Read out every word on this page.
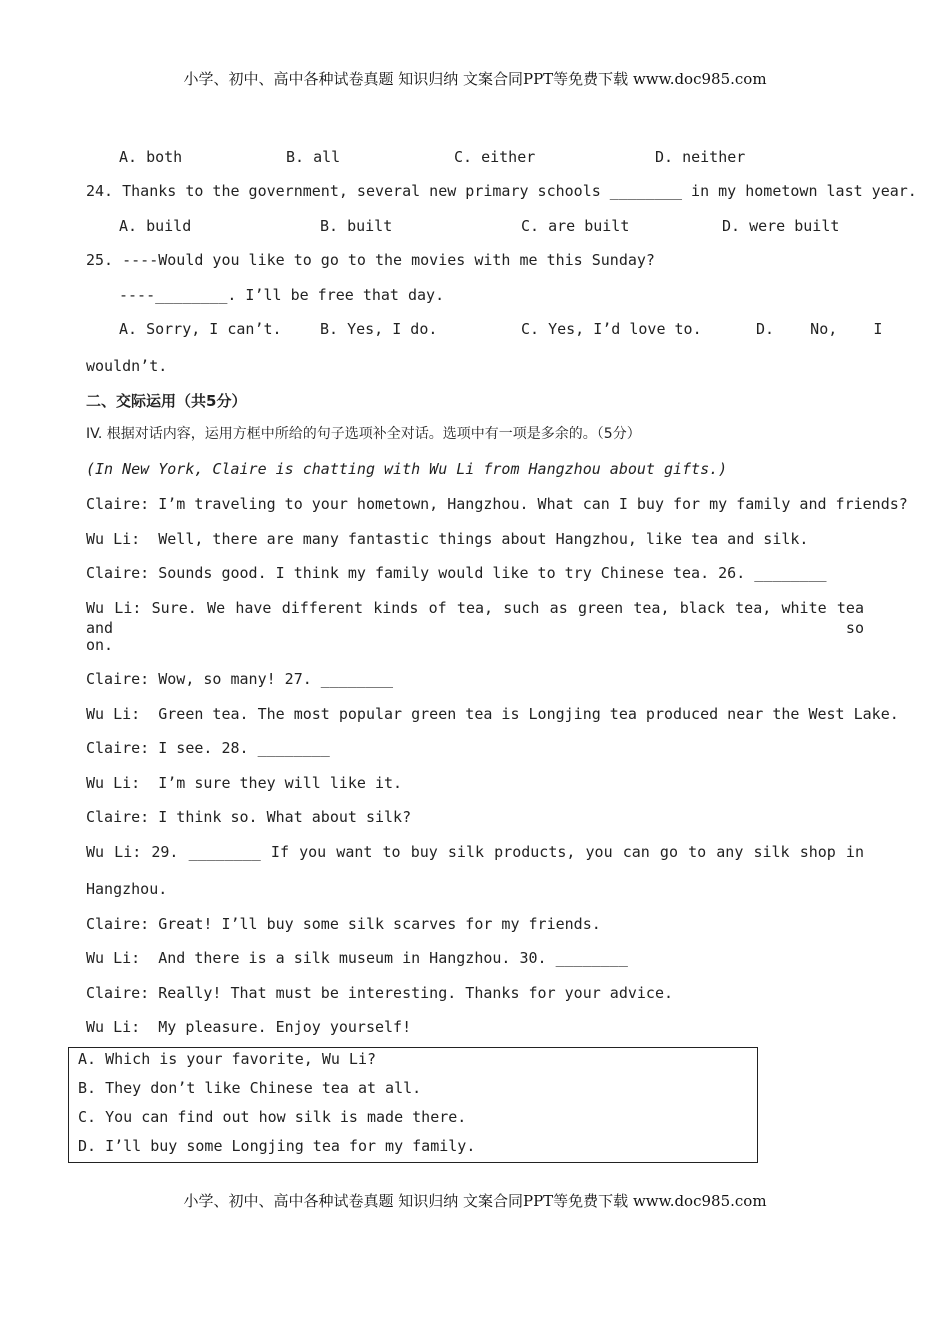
小学、初中、高中各种试卷真题 知识归纳 文案合同PPT等免费下载 www.doc985.com
A. both	B. all	C. either	D. neither
24. Thanks to the government, several new primary schools ________ in my hometown last year.
A. build	B. built	C. are built	D. were built
25. ----Would you like to go to the movies with me this Sunday?
----________. I’ll be free that day.
A. Sorry, I can’t.	B. Yes, I do.	C. Yes, I’d love to.	D.    No,    I
wouldn’t.
二、交际运用（共5分）
IV. 根据对话内容，运用方框中所给的句子选项补全对话。选项中有一项是多余的。（5分）
(In New York, Claire is chatting with Wu Li from Hangzhou about gifts.)
Claire: I’m traveling to your hometown, Hangzhou. What can I buy for my family and friends?
Wu Li:  Well, there are many fantastic things about Hangzhou, like tea and silk.
Claire: Sounds good. I think my family would like to try Chinese tea. 26. ________
Wu Li: Sure. We have different kinds of tea, such as green tea, black tea, white tea and so
on.
Claire: Wow, so many! 27. ________
Wu Li:  Green tea. The most popular green tea is Longjing tea produced near the West Lake.
Claire: I see. 28. ________
Wu Li:  I’m sure they will like it.
Claire: I think so. What about silk?
Wu Li: 29. ________ If you want to buy silk products, you can go to any silk shop in
Hangzhou.
Claire: Great! I’ll buy some silk scarves for my friends.
Wu Li:  And there is a silk museum in Hangzhou. 30. ________
Claire: Really! That must be interesting. Thanks for your advice.
Wu Li:  My pleasure. Enjoy yourself!
A. Which is your favorite, Wu Li?
B. They don’t like Chinese tea at all.
C. You can find out how silk is made there.
D. I’ll buy some Longjing tea for my family.
小学、初中、高中各种试卷真题 知识归纳 文案合同PPT等免费下载 www.doc985.com
